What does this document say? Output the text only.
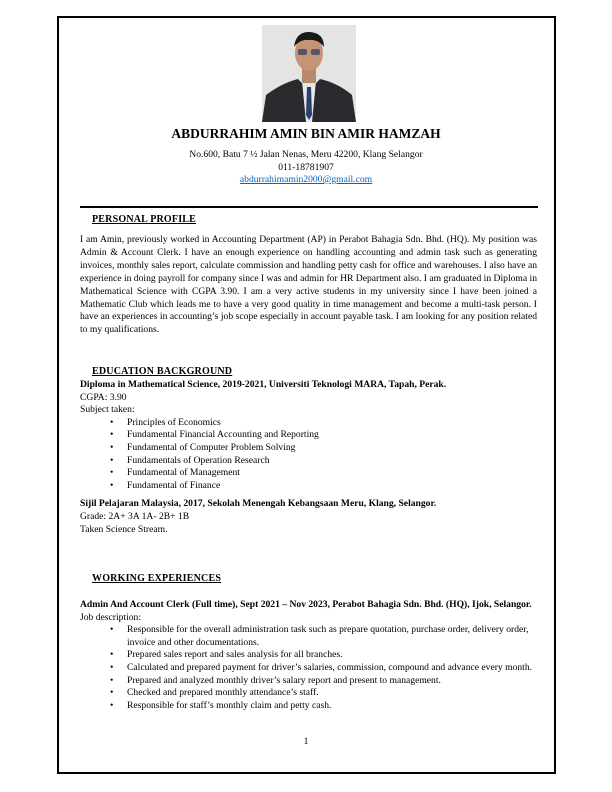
ABDURRAHIM AMIN BIN AMIR HAMZAH
No.600, Batu 7 ½ Jalan Nenas, Meru 42200, Klang Selangor
011-18781907
abdurrahimamin2000@gmail.com
PERSONAL PROFILE
I am Amin, previously worked in Accounting Department (AP) in Perabot Bahagia Sdn. Bhd. (HQ). My position was Admin & Account Clerk. I have an enough experience on handling accounting and admin task such as generating invoices, monthly sales report, calculate commission and handling petty cash for office and warehouses. I also have an experience in doing payroll for company since I was and admin for HR Department also. I am graduated in Diploma in Mathematical Science with CGPA 3.90. I am a very active students in my university since I have been joined a Mathematic Club which leads me to have a very good quality in time management and become a multi-task person. I have an experiences in accounting’s job scope especially in account payable task. I am looking for any position related to my qualifications.
EDUCATION BACKGROUND
Diploma in Mathematical Science, 2019-2021, Universiti Teknologi MARA, Tapah, Perak.
CGPA: 3.90
Subject taken:
• Principles of Economics
• Fundamental Financial Accounting and Reporting
• Fundamental of Computer Problem Solving
• Fundamentals of Operation Research
• Fundamental of Management
• Fundamental of Finance
Sijil Pelajaran Malaysia, 2017, Sekolah Menengah Kebangsaan Meru, Klang, Selangor.
Grade: 2A+ 3A 1A- 2B+ 1B
Taken Science Stream.
WORKING EXPERIENCES
Admin And Account Clerk (Full time), Sept 2021 – Nov 2023, Perabot Bahagia Sdn. Bhd. (HQ), Ijok, Selangor.
Job description:
• Responsible for the overall administration task such as prepare quotation, purchase order, delivery order, invoice and other documentations.
• Prepared sales report and sales analysis for all branches.
• Calculated and prepared payment for driver’s salaries, commission, compound and advance every month.
• Prepared and analyzed monthly driver’s salary report and present to management.
• Checked and prepared monthly attendance’s staff.
• Responsible for staff’s monthly claim and petty cash.
1
